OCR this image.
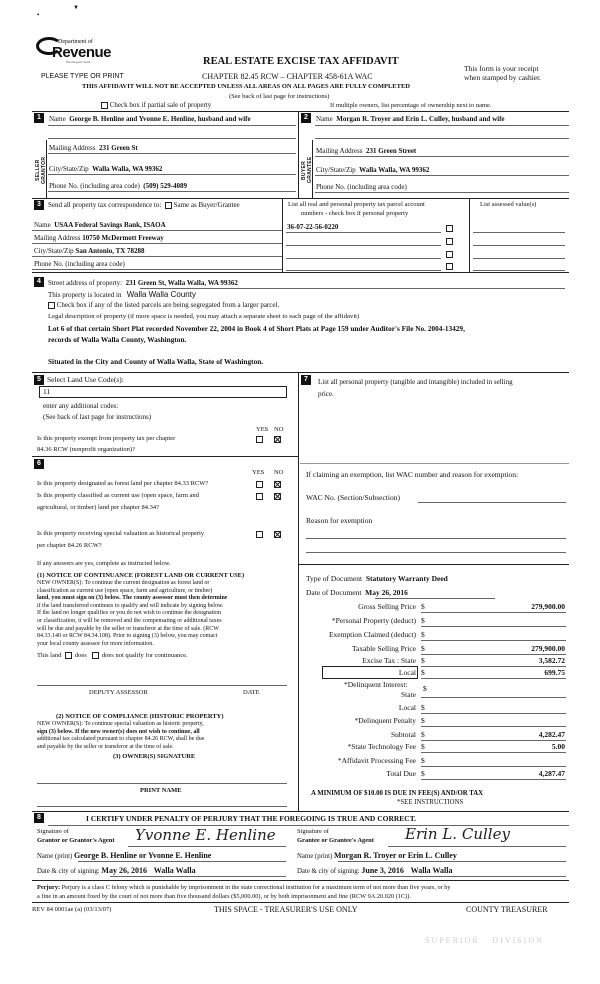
•
▼
Department of
Revenue
Washington State
PLEASE TYPE OR PRINT
REAL ESTATE EXCISE TAX AFFIDAVIT
CHAPTER 82.45 RCW – CHAPTER 458-61A WAC
This form is your receipt
when stamped by cashier.
THIS AFFIDAVIT WILL NOT BE ACCEPTED UNLESS ALL AREAS ON ALL PAGES ARE FULLY COMPLETED
(See back of last page for instructions)
Check box if partial sale of property	If multiple owners, list percentage of ownership next to name.
1	Name George B. Henline and Yvonne E. Henline, husband and wife
SELLER GRANTOR
Mailing Address 231 Green St
City/State/Zip Walla Walla, WA 99362
Phone No. (including area code) (509) 529-4089
2	Name Morgan R. Troyer and Erin L. Culley, husband and wife
BUYER GRANTEE
Mailing Address 231 Green Street
City/State/Zip Walla Walla, WA 99362
Phone No. (including area code)
3	Send all property tax correspondence to: Same as Buyer/Grantee	List all real and personal property tax parcel account
numbers - check box if personal property
List assessed value(s)
Name USAA Federal Savings Bank, ISAOA
Mailing Address 10750 McDermott Freeway
City/State/Zip San Antonio, TX 78288
Phone No. (including area code)
36-07-22-56-0220
4	Street address of property: 231 Green St, Walla Walla, WA 99362
This property is located in Walla Walla County
Check box if any of the listed parcels are being segregated from a larger parcel.
Legal description of property (if more space is needed, you may attach a separate sheet to each page of the affidavit)
Lot 6 of that certain Short Plat recorded November 22, 2004 in Book 4 of Short Plats at Page 159 under Auditor's File No. 2004-13429,
records of Walla Walla County, Washington.
Situated in the City and County of Walla Walla, State of Washington.
5 Select Land Use Code(s):
11
enter any additional codes:
(See back of last page for instructions)
YES NO
Is this property exempt from property tax per chapter
84.36 RCW (nonprofit organization)?
7	List all personal property (tangible and intangible) included in selling
price.
If claiming an exemption, list WAC number and reason for exemption:
WAC No. (Section/Subsection)
Reason for exemption
6
YES NO
Is this property designated as forest land per chapter 84.33 RCW?
Is this property classified as current use (open space, farm and
agricultural, or timber) land per chapter 84.34?
Is this property receiving special valuation as historical property
per chapter 84.26 RCW?
If any answers are yes, complete as instructed below.
(1) NOTICE OF CONTINUANCE (FOREST LAND OR CURRENT USE)
NEW OWNER(S): To continue the current designation as forest land or
classification as current use (open space, farm and agriculture, or timber)
land, you must sign on (3) below. The county assessor must then determine
if the land transferred continues to qualify and will indicate by signing below.
If the land no longer qualifies or you do not wish to continue the designation
or classification, it will be removed and the compensating or additional taxes
will be due and payable by the seller or transferor at the time of sale. (RCW
84.33.140 or RCW 84.34.108). Prior to signing (3) below, you may contact
your local county assessor for more information.
This land does does not qualify for continuance.
DEPUTY ASSESSOR	DATE
(2) NOTICE OF COMPLIANCE (HISTORIC PROPERTY)
NEW OWNER(S): To continue special valuation as historic property,
sign (3) below. If the new owner(s) does not wish to continue, all
additional tax calculated pursuant to chapter 84.26 RCW, shall be due
and payable by the seller or transferor at the time of sale.
(3) OWNER(S) SIGNATURE
PRINT NAME
Type of Document Statutory Warranty Deed
Date of Document May 26, 2016
Gross Selling Price $	279,900.00
*Personal Property (deduct) $
Exemption Claimed (deduct) $
Taxable Selling Price $	279,900.00
Excise Tax : State $	3,582.72
Local $	699.75
*Delinquent Interest:
State
$
Local $
*Delinquent Penalty $
Subtotal $	4,282.47
*State Technology Fee $	5.00
*Affidavit Processing Fee $
Total Due $	4,287.47
A MINIMUM OF $10.00 IS DUE IN FEE(S) AND/OR TAX
*SEE INSTRUCTIONS
8	I CERTIFY UNDER PENALTY OF PERJURY THAT THE FOREGOING IS TRUE AND CORRECT.
Signature of
Grantor or Grantor's Agent Yvonne E. Henline	Signature of
Grantee or Grantee's Agent Erin L. Culley
Name (print) George B. Henline or Yvonne E. Henline	Name (print) Morgan R. Troyer or Erin L. Culley
Date & city of signing: May 26, 2016 Walla Walla	Date & city of signing: June 3, 2016 Walla Walla
Perjury: Perjury is a class C felony which is punishable by imprisonment in the state correctional institution for a maximum term of not more than five years, or by
a fine in an amount fixed by the court of not more than five thousand dollars ($5,000.00), or by both imprisonment and fine (RCW 9A.20.020 (1C)).
REV 84 0001ae (a) (03/13/07)	THIS SPACE - TREASURER'S USE ONLY	COUNTY TREASURER
SUPERIOR · DIVISION
